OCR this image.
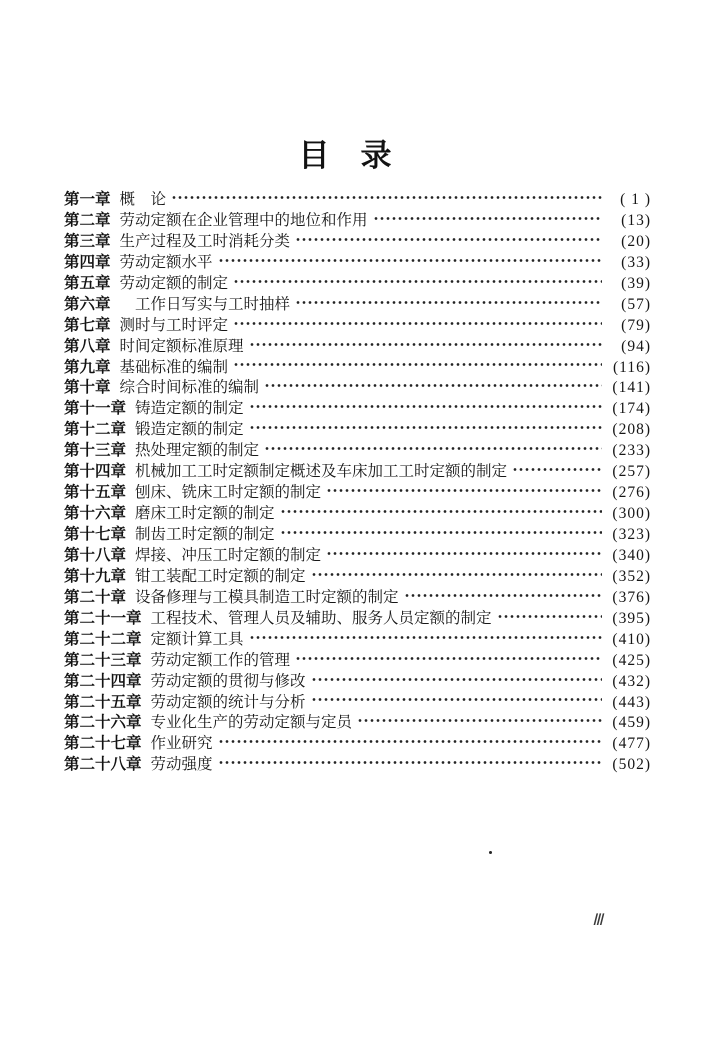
目　录
第一章 概　论	( 1 )
第二章 劳动定额在企业管理中的地位和作用	(13)
第三章 生产过程及工时消耗分类	(20)
第四章 劳动定额水平	(33)
第五章 劳动定额的制定	(39)
第六章 　工作日写实与工时抽样	(57)
第七章 测时与工时评定	(79)
第八章 时间定额标准原理	(94)
第九章 基础标准的编制	(116)
第十章 综合时间标准的编制	(141)
第十一章 铸造定额的制定	(174)
第十二章 锻造定额的制定	(208)
第十三章 热处理定额的制定	(233)
第十四章 机械加工工时定额制定概述及车床加工工时定额的制定	(257)
第十五章 刨床、铣床工时定额的制定	(276)
第十六章 磨床工时定额的制定	(300)
第十七章 制齿工时定额的制定	(323)
第十八章 焊接、冲压工时定额的制定	(340)
第十九章 钳工装配工时定额的制定	(352)
第二十章 设备修理与工模具制造工时定额的制定	(376)
第二十一章 工程技术、管理人员及辅助、服务人员定额的制定	(395)
第二十二章 定额计算工具	(410)
第二十三章 劳动定额工作的管理	(425)
第二十四章 劳动定额的贯彻与修改	(432)
第二十五章 劳动定额的统计与分析	(443)
第二十六章 专业化生产的劳动定额与定员	(459)
第二十七章 作业研究	(477)
第二十八章 劳动强度	(502)
Ⅲ
